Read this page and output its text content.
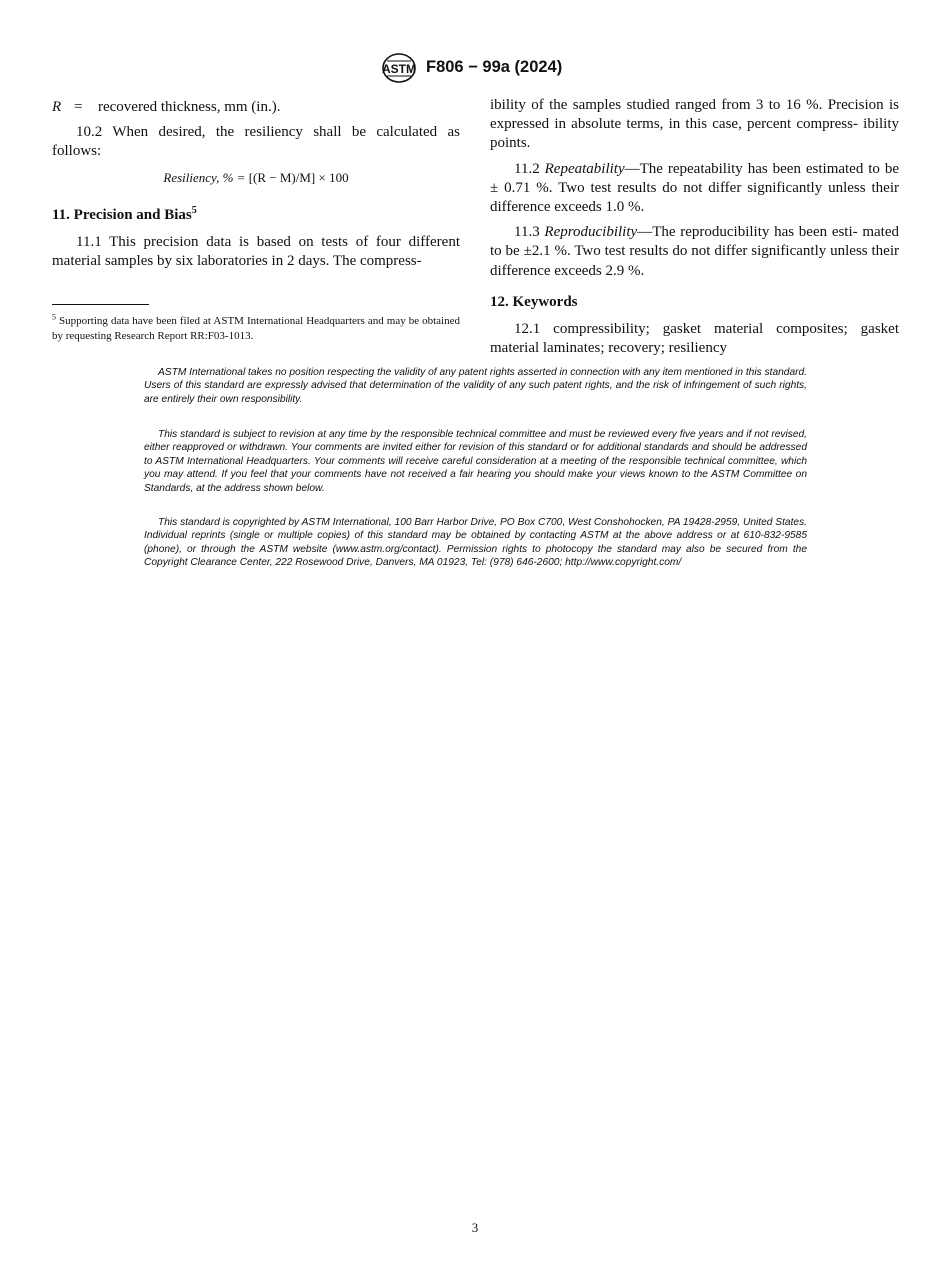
ASTM F806 − 99a (2024)
R = recovered thickness, mm (in.).

10.2 When desired, the resiliency shall be calculated as follows:

Resiliency, % = [(R − M)/M] × 100
11. Precision and Bias$^5$

11.1 This precision data is based on tests of four different material samples by six laboratories in 2 days. The compress-

$^5$ Supporting data have been filed at ASTM International Headquarters and may be obtained by requesting Research Report RR:F03-1013.

ibility of the samples studied ranged from 3 to 16 %. Precision is expressed in absolute terms, in this case, percent compress- ibility points.

11.2 Repeatability—The repeatability has been estimated to be ± 0.71 %. Two test results do not differ significantly unless their difference exceeds 1.0 %.

11.3 Reproducibility—The reproducibility has been esti- mated to be ±2.1 %. Two test results do not differ significantly unless their difference exceeds 2.9 %.

12. Keywords

12.1 compressibility; gasket material composites; gasket material laminates; recovery; resiliency

ASTM International takes no position respecting the validity of any patent rights asserted in connection with any item mentioned in this standard. Users of this standard are expressly advised that determination of the validity of any such patent rights, and the risk of infringement of such rights, are entirely their own responsibility.

This standard is subject to revision at any time by the responsible technical committee and must be reviewed every five years and if not revised, either reapproved or withdrawn. Your comments are invited either for revision of this standard or for additional standards and should be addressed to ASTM International Headquarters. Your comments will receive careful consideration at a meeting of the responsible technical committee, which you may attend. If you feel that your comments have not received a fair hearing you should make your views known to the ASTM Committee on Standards, at the address shown below.

This standard is copyrighted by ASTM International, 100 Barr Harbor Drive, PO Box C700, West Conshohocken, PA 19428-2959, United States. Individual reprints (single or multiple copies) of this standard may be obtained by contacting ASTM at the above address or at 610-832-9585 (phone), or through the ASTM website (www.astm.org/contact). Permission rights to photocopy the standard may also be secured from the Copyright Clearance Center, 222 Rosewood Drive, Danvers, MA 01923, Tel: (978) 646-2600; http://www.copyright.com/

3
